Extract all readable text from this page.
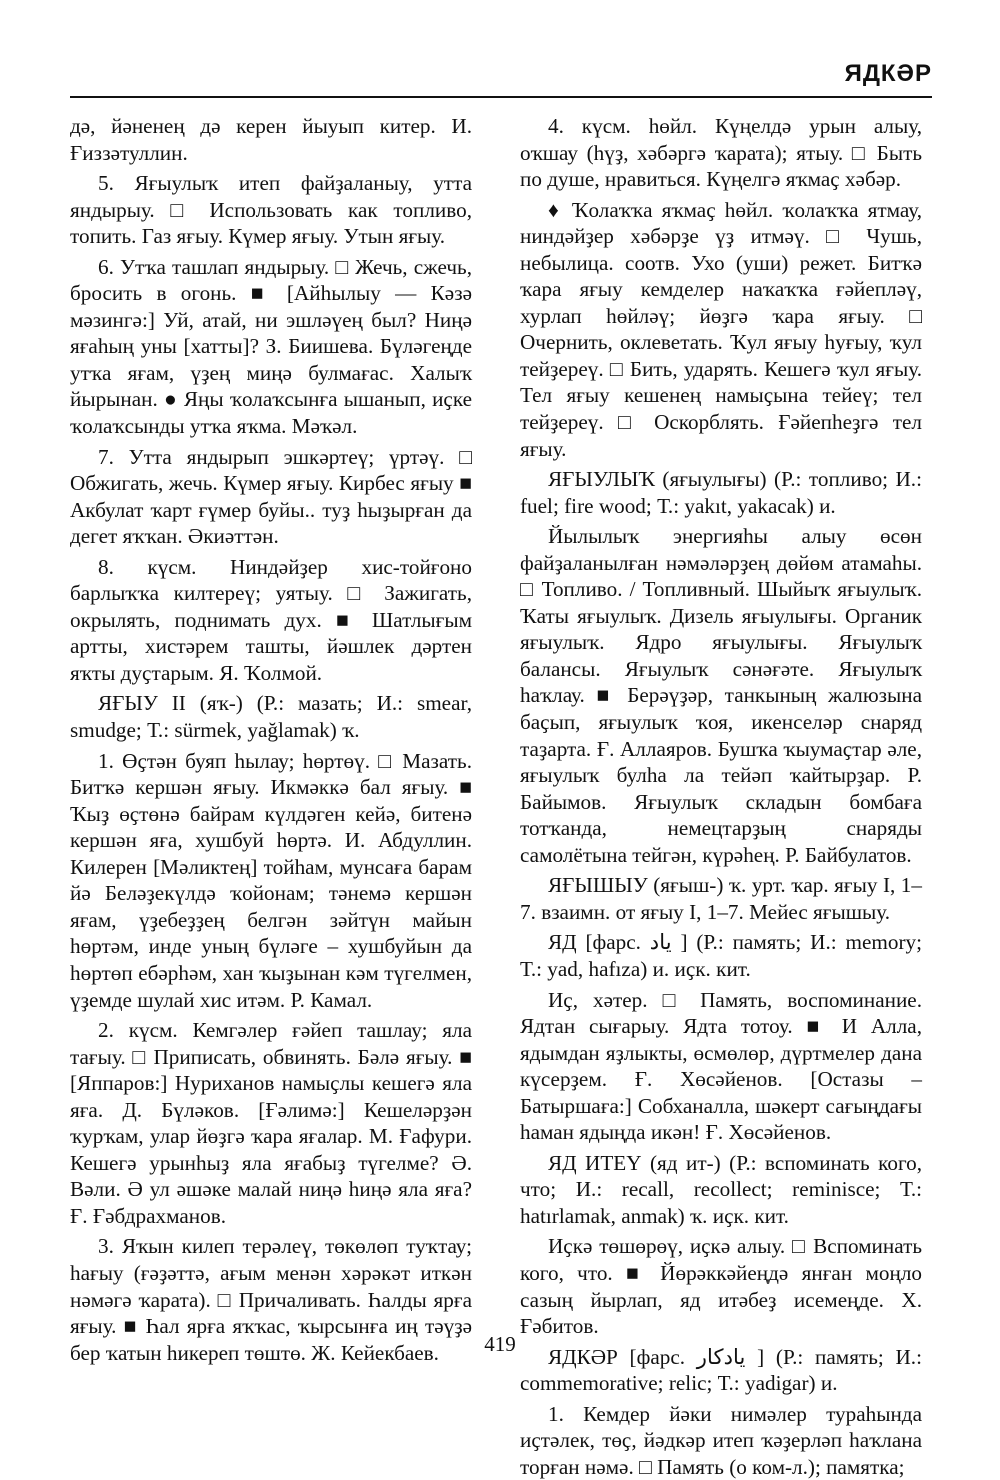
ЯДКӘР

дә, йәненең дә керен йыуып китер. И. Ғиззәтуллин.

5. Яғыулыҡ итеп файҙаланыу, утта яндырыу. □ Использовать как топливо, топить. Газ яғыу. Күмер яғыу. Утын яғыу.

6. Утҡа ташлап яндырыу. □ Жечь, сжечь, бросить в огонь. ■ [Айһылыу — Кәзә мәзингә:] Уй, атай, ни эшләүең был? Ниңә яғаһың уны [хатты]? З. Биишева. Бүләгеңде утҡа яғам, үҙең миңә булмағас. Халыҡ йырынан. ● Яңы ҡолаҡсынға ышанып, иҫке ҡолаҡсынды утҡа яҡма. Мәҡәл.

7. Утта яндырып эшкәртеү; үртәү. □ Обжигать, жечь. Күмер яғыу. Кирбес яғыу ■ Акбулат ҡарт ғүмер буйы.. туҙ һыҙырған да дегет яҡҡан. Әкиәттән.

8. күсм. Ниндәйҙер хис-тойғоно барлыҡҡа килтереү; уятыу. □ Зажигать, окрылять, поднимать дух. ■ Шатлығым артты, хистәрем ташты, йәшлек дәртен яҡты дуҫтарым. Я. Ҡолмой.

ЯҒЫУ II (яҡ-) (Р.: мазать; И.: smear, smudge; Т.: sürmek, yağlamak) ҡ.

1. Өҫтән буяп һылау; һөртөү. □ Мазать. Битҡә кершән яғыу. Икмәккә бал яғыу. ■ Ҡыҙ өҫтөнә байрам күлдәген кейә, битенә кершән яға, хушбуй һөртә. И. Абдуллин. Килерен [Мәликтең] тойһам, мунсаға барам йә Беләҙекүлдә ҡойонам; тәнемә кершән яғам, үҙебеҙҙең белгән зәйтүн майын һөртәм, инде уның бүләге – хушбуйын да һөртөп ебәрһәм, хан ҡыҙынан кәм түгелмен, үҙемде шулай хис итәм. Р. Камал.

2. күсм. Кемгәлер ғәйеп ташлау; яла тағыу. □ Приписать, обвинять. Бәлә яғыу. ■ [Яппаров:] Нуриханов намыҫлы кешегә яла яға. Д. Бүләков. [Ғәлимә:] Кешеләрҙән ҡурҡам, улар йөҙгә ҡара яғалар. М. Ғафури. Кешегә урынһыҙ яла яғабыҙ түгелме? Ә. Вәли. Ә ул әшәке малай ниңә һиңә яла яға? Ғ. Ғәбдрахманов.

3. Яҡын килеп терәлеү, төкөлөп туҡтау; һағыу (ғәҙәттә, ағым менән хәрәкәт иткән нәмәгә ҡарата). □ Причаливать. Һалды ярға яғыу. ■ Һал ярға яҡҡас, ҡырсынға иң тәүҙә бер ҡатын һикереп төштө. Ж. Кейекбаев.

4. күсм. һөйл. Күңелдә урын алыу, оҡшау (һүҙ, хәбәргә ҡарата); ятыу. □ Быть по душе, нравиться. Күңелгә яҡмаҫ хәбәр.

♦ Ҡолаҡҡа яҡмаҫ һөйл. ҡолаҡҡа ятмау, ниндәйҙер хәбәрҙе үҙ итмәү. □ Чушь, небылица. соотв. Ухо (уши) режет. Битҡә ҡара яғыу кемделер наҡаҡҡа ғәйепләү, хурлап һөйләү; йөҙгә ҡара яғыу. □ Очернить, оклеветать. Ҡул яғыу һуғыу, ҡул тейҙереү. □ Бить, ударять. Кешегә ҡул яғыу. Тел яғыу кешенең намыҫына тейеү; тел тейҙереү. □ Оскорблять. Ғәйепһеҙгә тел яғыу.

ЯҒЫУЛЫҠ (яғыулығы) (Р.: топливо; И.: fuel; fire wood; Т.: yakıt, yakacak) и.

Йылылыҡ энергияһы алыу өсөн файҙаланылған нәмәләрҙең дөйөм атамаһы. □ Топливо. / Топливный. Шыйыҡ яғыулыҡ. Ҡаты яғыулыҡ. Дизель яғыулығы. Органик яғыулыҡ. Ядро яғыулығы. Яғыулыҡ балансы. Яғыулыҡ сәнәғәте. Яғыулыҡ һаҡлау. ■ Берәүҙәр, танкының жалюзына баҫып, яғыулыҡ ҡоя, икенселәр снаряд таҙарта. Ғ. Аллаяров. Бушҡа ҡыумаҫтар әле, яғыулыҡ булһа ла тейәп ҡайтырҙар. Р. Байымов. Яғыулыҡ складын бомбаға тотҡанда, немецтарҙың снаряды самолётына тейгән, күрәһең. Р. Байбулатов.

ЯҒЫШЫУ (яғыш-) ҡ. урт. ҡар. яғыу I, 1–7. взаимн. от яғыу I, 1–7. Мейес яғышыу.

ЯД [фарс. یاد ] (Р.: память; И.: memory; Т.: yad, hafıza) и. иҫк. кит.

Иҫ, хәтер. □ Память, воспоминание. Ядтан сығарыу. Ядта тотоу. ■ И Алла, ядымдан яҙлыкты, өсмөлөр, дүртмелер дана күсерҙем. Ғ. Хөсәйенов. [Остазы – Батыршаға:] Собханалла, шәкерт сағыңдағы һаман ядыңда икән! Ғ. Хөсәйенов.

ЯД ИТЕҮ (яд ит-) (Р.: вспоминать кого, что; И.: recall, recollect; reminisce; Т.: hatırlamak, anmak) ҡ. иҫк. кит.

Иҫкә төшөрөү, иҫкә алыу. □ Вспоминать кого, что. ■ Йөрәккәйеңдә янған моңло сазың йырлап, яд итәбеҙ исемеңде. Х. Ғәбитов.

ЯДКӘР [фарс. یادکار ] (Р.: память; И.: commemorative; relic; Т.: yadigar) и.

1. Кемдер йәки нимәлер тураһында иҫтәлек, төҫ, йәдкәр итеп ҡәҙерләп һаҡлана торған нәмә. □ Память (о ком-л.); памятка;

419
